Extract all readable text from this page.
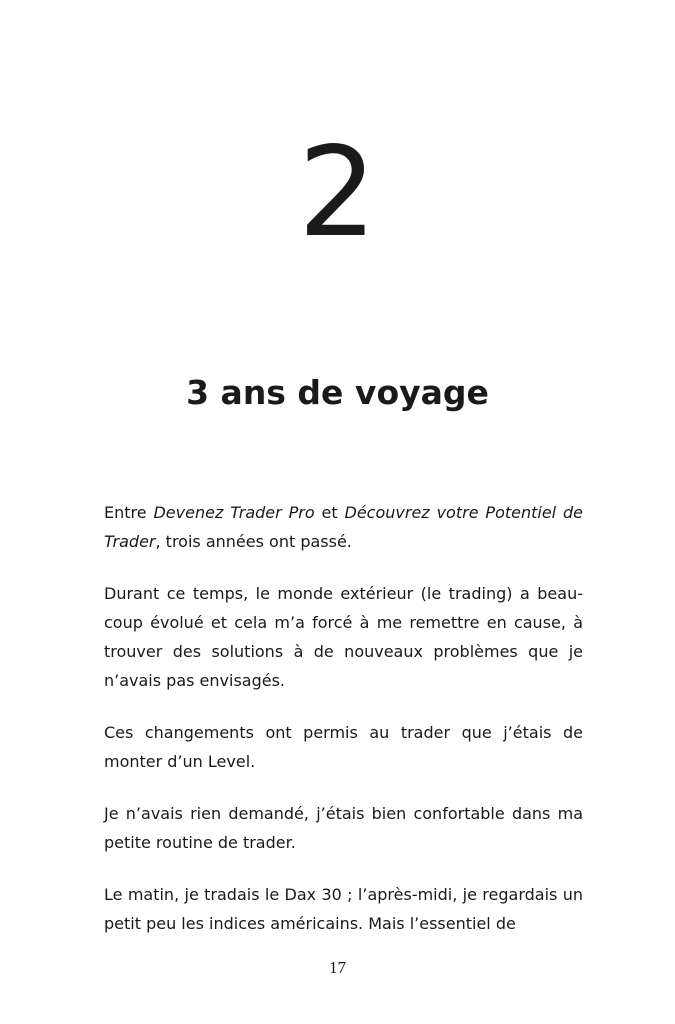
2
3 ans de voyage

Entre Devenez Trader Pro et Découvrez votre Potentiel de Trader, trois années ont passé.

Durant ce temps, le monde extérieur (le trading) a beaucoup évolué et cela m’a forcé à me remettre en cause, à trouver des solutions à de nouveaux problèmes que je n’avais pas envisagés.

Ces changements ont permis au trader que j’étais de monter d’un Level.

Je n’avais rien demandé, j’étais bien confortable dans ma petite routine de trader.

Le matin, je tradais le Dax 30 ; l’après-midi, je regardais un petit peu les indices américains. Mais l’essentiel de

17
